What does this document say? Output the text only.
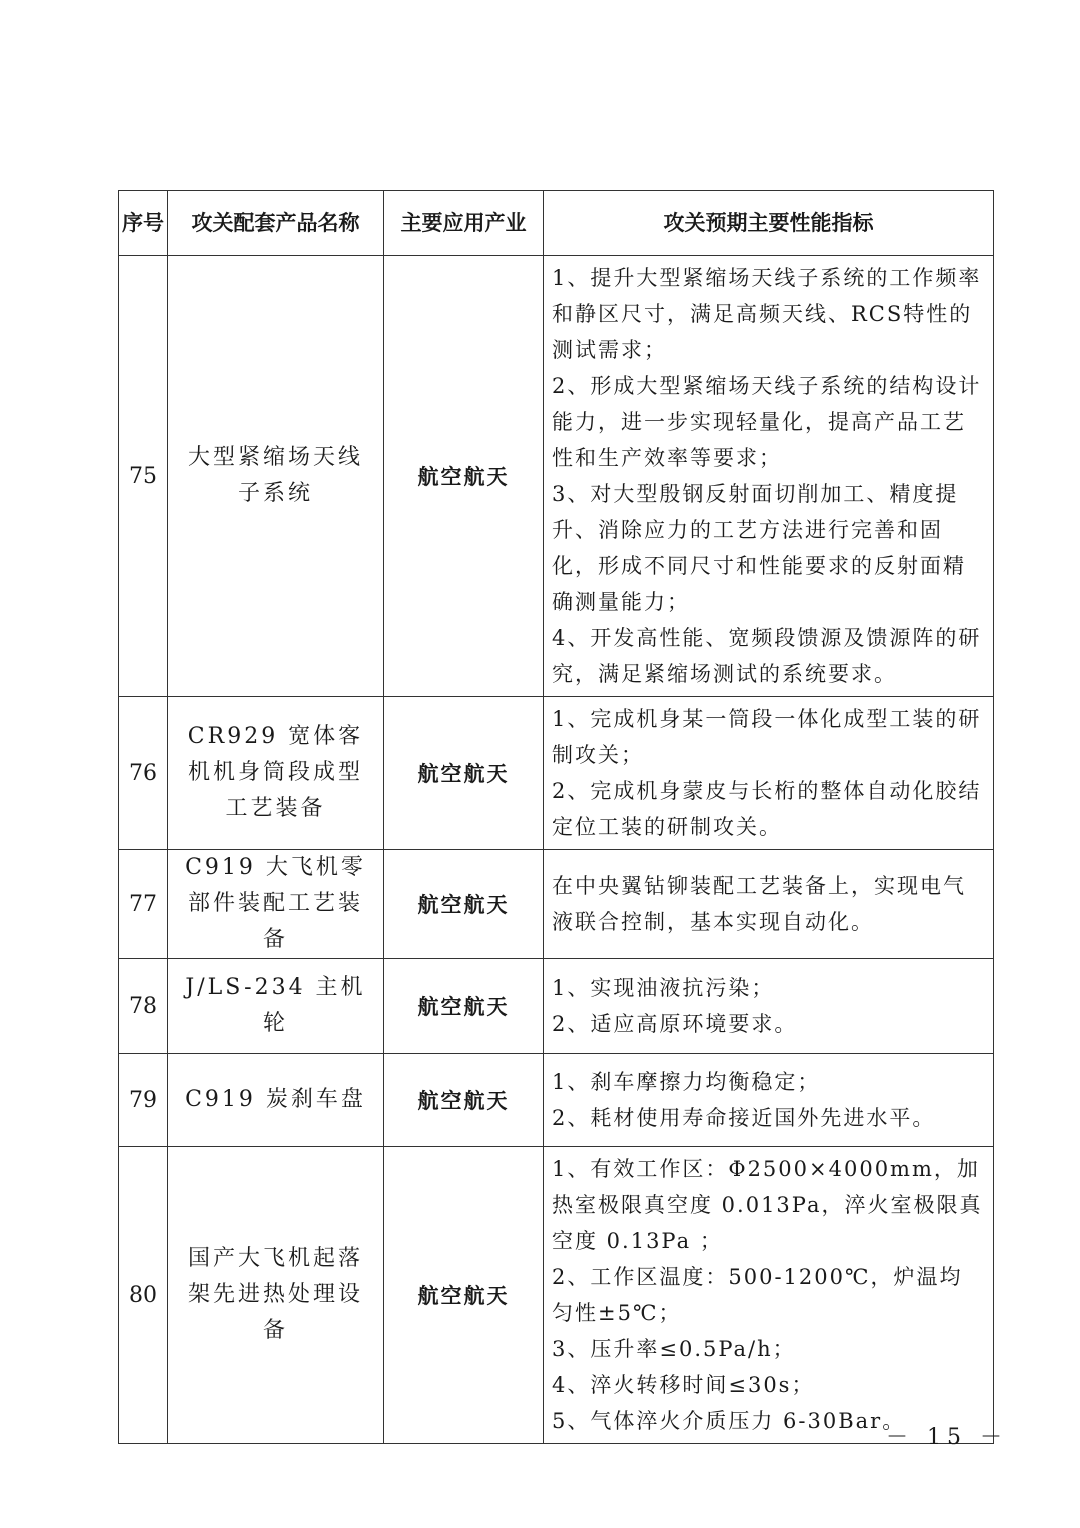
序号	攻关配套产品名称	主要应用产业	攻关预期主要性能指标
75	大型紧缩场天线子系统	航空航天	1、提升大型紧缩场天线子系统的工作频率和静区尺寸，满足高频天线、RCS特性的测试需求；
2、形成大型紧缩场天线子系统的结构设计能力，进一步实现轻量化，提高产品工艺性和生产效率等要求；
3、对大型殷钢反射面切削加工、精度提升、消除应力的工艺方法进行完善和固化，形成不同尺寸和性能要求的反射面精确测量能力；
4、开发高性能、宽频段馈源及馈源阵的研究，满足紧缩场测试的系统要求。

76	CR929 宽体客机机身筒段成型工艺装备	航空航天	1、完成机身某一筒段一体化成型工装的研制攻关；
2、完成机身蒙皮与长桁的整体自动化胶结定位工装的研制攻关。

77	C919 大飞机零部件装配工艺装备	航空航天	在中央翼钻铆装配工艺装备上，实现电气液联合控制，基本实现自动化。

78	J/LS-234 主机轮	航空航天	1、实现油液抗污染；
2、适应高原环境要求。

79	C919 炭刹车盘	航空航天	1、刹车摩擦力均衡稳定；
2、耗材使用寿命接近国外先进水平。

80	国产大飞机起落架先进热处理设备	航空航天	1、有效工作区：Φ2500×4000mm，加热室极限真空度 0.013Pa，淬火室极限真空度 0.13Pa ；
2、工作区温度：500-1200℃，炉温均匀性±5℃；
3、压升率≤0.5Pa/h；
4、淬火转移时间≤30s；
5、气体淬火介质压力 6-30Bar。
－ 15 －
